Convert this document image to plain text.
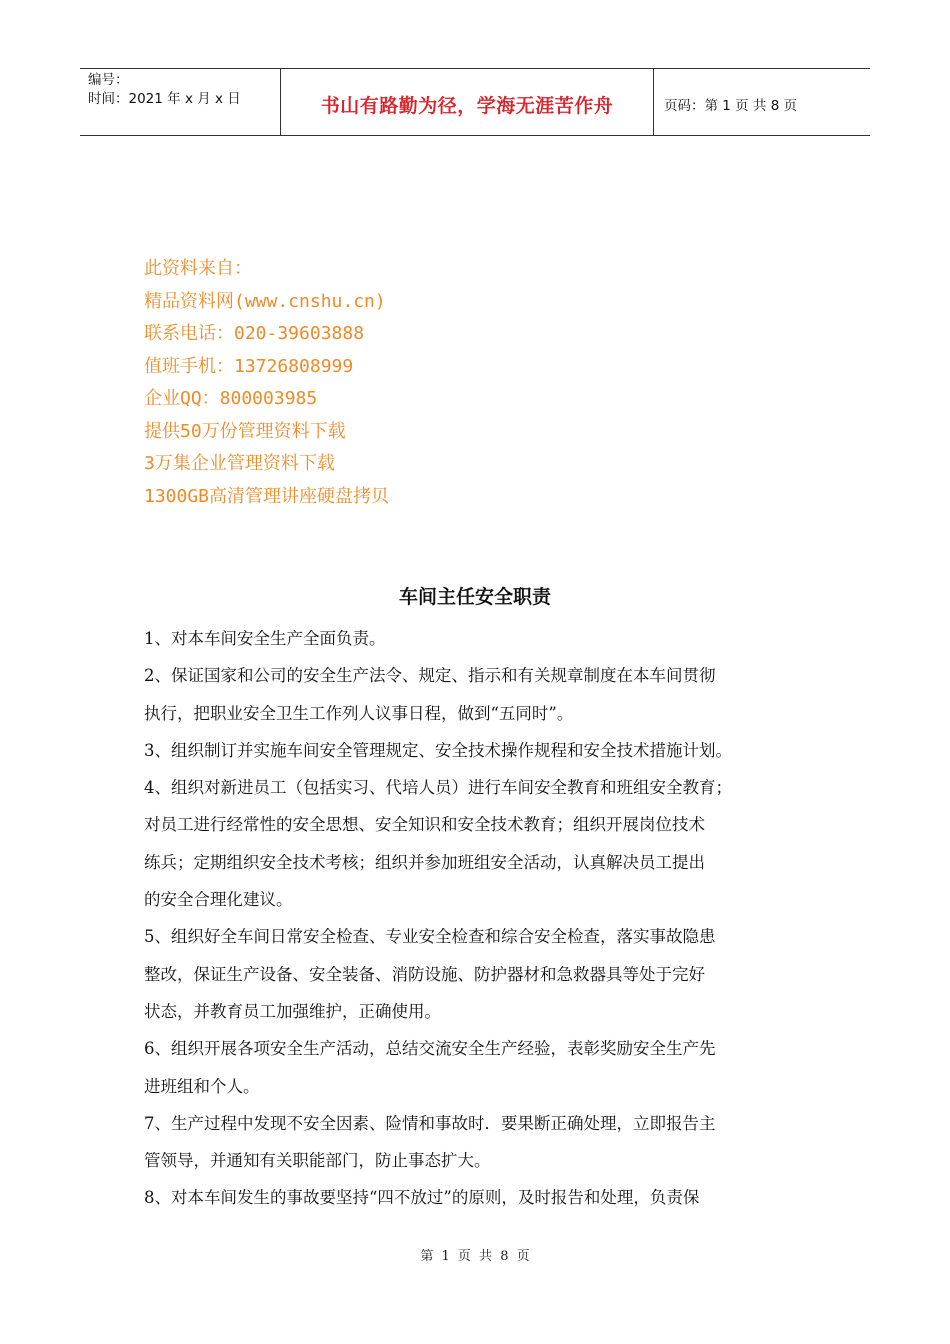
编号：
时间：2021 年 x 月 x 日	书山有路勤为径，学海无涯苦作舟	页码：第 1 页 共 8 页
此资料来自：
精品资料网(www.cnshu.cn)
联系电话：020-39603888
值班手机：13726808999
企业QQ：800003985
提供50万份管理资料下载
3万集企业管理资料下载
1300GB高清管理讲座硬盘拷贝
车间主任安全职责

1、对本车间安全生产全面负责。

2、保证国家和公司的安全生产法令、规定、指示和有关规章制度在本车间贯彻

执行，把职业安全卫生工作列人议事日程，做到“五同时”。

3、组织制订并实施车间安全管理规定、安全技术操作规程和安全技术措施计划。

4、组织对新进员工（包括实习、代培人员）进行车间安全教育和班组安全教育；

对员工进行经常性的安全思想、安全知识和安全技术教育；组织开展岗位技术

练兵；定期组织安全技术考核；组织并参加班组安全活动，认真解决员工提出

的安全合理化建议。

5、组织好全车间日常安全检查、专业安全检查和综合安全检查，落实事故隐患

整改，保证生产设备、安全装备、消防设施、防护器材和急救器具等处于完好

状态，并教育员工加强维护，正确使用。

6、组织开展各项安全生产活动，总结交流安全生产经验，表彰奖励安全生产先

进班组和个人。

7、生产过程中发现不安全因素、险情和事故时．要果断正确处理，立即报告主

管领导，并通知有关职能部门，防止事态扩大。

8、对本车间发生的事故要坚持“四不放过”的原则，及时报告和处理，负责保

第 1 页 共 8 页
